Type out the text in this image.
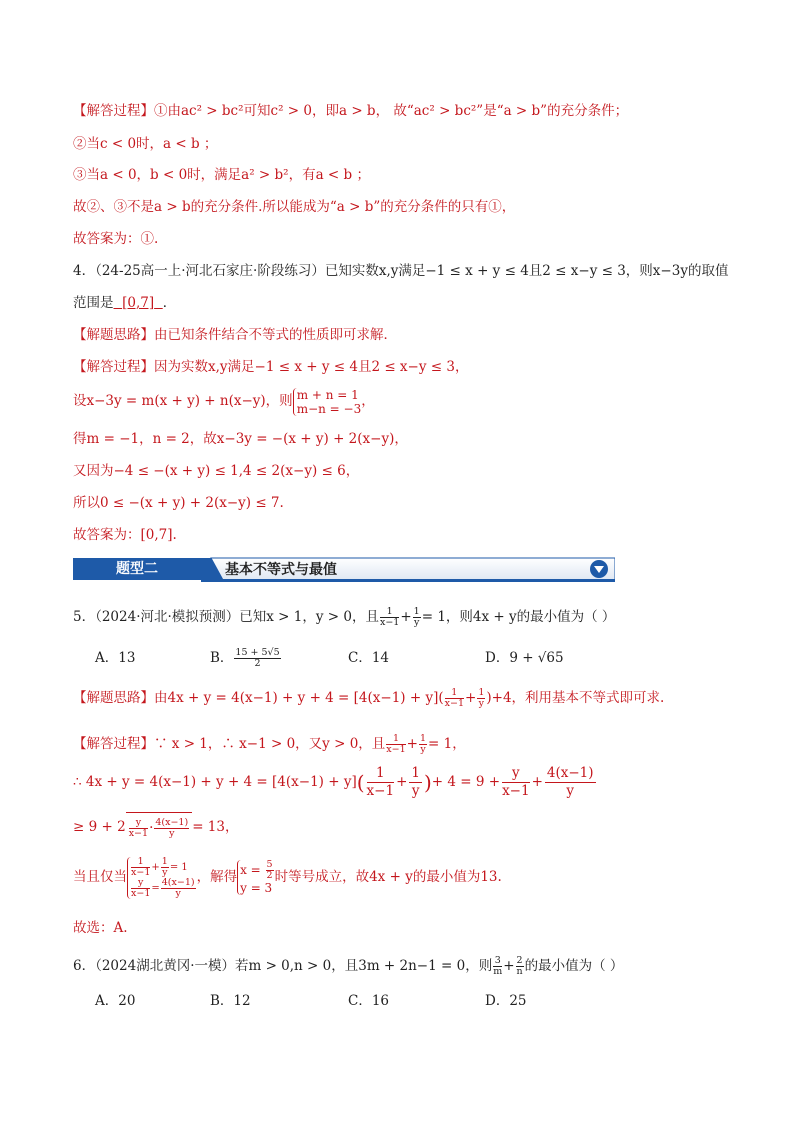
【解答过程】①由ac² > bc²可知c² > 0，即a > b， 故“ac² > bc²”是“a > b”的充分条件；
②当c < 0时，a < b ；
③当a < 0，b < 0时，满足a² > b²，有a < b ；
故②、③不是a > b的充分条件.所以能成为“a > b”的充分条件的只有①，
故答案为：①.
4．（24-25高一上·河北石家庄·阶段练习）已知实数x,y满足−1 ≤ x + y ≤ 4且2 ≤ x−y ≤ 3，则x−3y的取值
范围是 [0,7] ．
【解题思路】由已知条件结合不等式的性质即可求解．
【解答过程】因为实数x,y满足−1 ≤ x + y ≤ 4且2 ≤ x−y ≤ 3，
设x−3y = m(x + y) + n(x−y)，则 m + n = 1
m−n = −3 ，
得m = −1，n = 2，故x−3y = −(x + y) + 2(x−y)，
又因为−4 ≤ −(x + y) ≤ 1,4 ≤ 2(x−y) ≤ 6，
所以0 ≤ −(x + y) + 2(x−y) ≤ 7.
故答案为：[0,7].
题型二	基本不等式与最值
5．（2024·河北·模拟预测）已知x > 1，y > 0，且 $\frac{1}{x-1} + \frac{1}{y} = 1$，则4x + y的最小值为（ ）
A．13	B． $\frac{15 + 5√5}{2}$	C．14	D．9 + √65
【解题思路】由$4x + y = 4(x-1) + y + 4 = [4(x-1) + y]( \frac{1}{x-1} + \frac{1}{y} )+4$，利用基本不等式即可求.
【解答过程】∵ x > 1，∴ x−1 > 0，又y > 0，且 $\frac{1}{x-1} + \frac{1}{y} = 1$，
∴ $4x + y = 4(x-1) + y + 4 = [4(x-1) + y]( \frac{1}{x-1} + \frac{1}{y}$ )+ $4 = 9 + \frac{y}{x-1} + \frac{4(x-1)}{y}$
≥ $9 + 2 \frac{y}{x-1} \cdot \frac{4(x-1)}{y} = 13$，
当且仅当 $\frac{1}{x-1} + \frac{1}{y} = 1$
$\frac{y}{x-1} = \frac{4(x-1)}{y}$
，解得 $x = \frac{5}{2}$
y = 3
时等号成立，故4x + y的最小值为13.
故选：A.
6．（2024湖北黄冈·一模）若m > 0,n > 0，且3m + 2n−1 = 0，则 $\frac{3}{m} + \frac{2}{n}$ 的最小值为（ ）
A．20	B．12	C．16	D．25
